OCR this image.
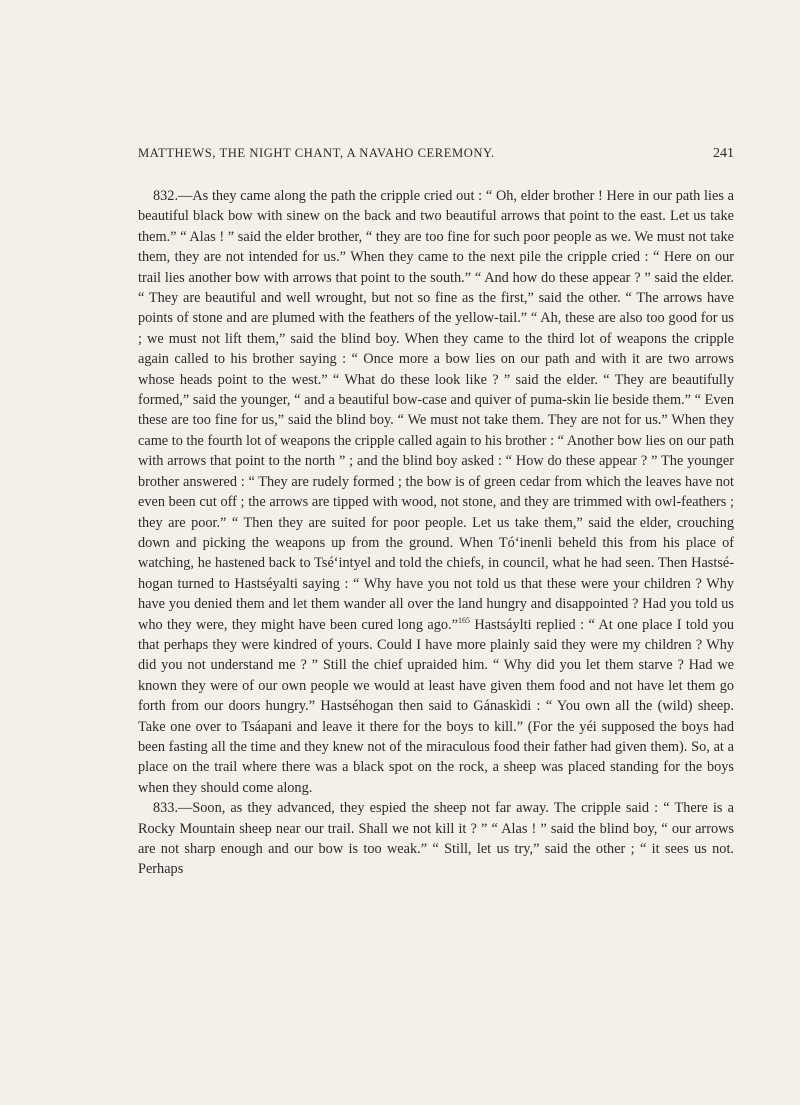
MATTHEWS, THE NIGHT CHANT, A NAVAHO CEREMONY.	241

832.—As they came along the path the cripple cried out : “ Oh, elder brother ! Here in our path lies a beautiful black bow with sinew on the back and two beautiful arrows that point to the east. Let us take them.” “ Alas ! ” said the elder brother, “ they are too fine for such poor people as we. We must not take them, they are not intended for us.” When they came to the next pile the cripple cried : “ Here on our trail lies another bow with arrows that point to the south.” “ And how do these appear ? ” said the elder. “ They are beautiful and well wrought, but not so fine as the first,” said the other. “ The arrows have points of stone and are plumed with the feathers of the yellow-tail.” “ Ah, these are also too good for us ; we must not lift them,” said the blind boy. When they came to the third lot of weapons the cripple again called to his brother saying : “ Once more a bow lies on our path and with it are two arrows whose heads point to the west.” “ What do these look like ? ” said the elder. “ They are beautifully formed,” said the younger, “ and a beautiful bow-case and quiver of puma-skin lie beside them.” “ Even these are too fine for us,” said the blind boy. “ We must not take them. They are not for us.” When they came to the fourth lot of weapons the cripple called again to his brother : “ Another bow lies on our path with arrows that point to the north ” ; and the blind boy asked : “ How do these appear ? ” The younger brother answered : “ They are rudely formed ; the bow is of green cedar from which the leaves have not even been cut off ; the arrows are tipped with wood, not stone, and they are trimmed with owl-feathers ; they are poor.” “ Then they are suited for poor people. Let us take them,” said the elder, crouching down and picking the weapons up from the ground. When Tóʻinenli beheld this from his place of watching, he hastened back to Tséʻintyel and told the chiefs, in council, what he had seen. Then Hastsé-hogan turned to Hastséyalti saying : “ Why have you not told us that these were your children ? Why have you denied them and let them wander all over the land hungry and disappointed ? Had you told us who they were, they might have been cured long ago.”$^{165}$ Hastsáylti replied : “ At one place I told you that perhaps they were kindred of yours. Could I have more plainly said they were my children ? Why did you not understand me ? ” Still the chief upraided him. “ Why did you let them starve ? Had we known they were of our own people we would at least have given them food and not have let them go forth from our doors hungry.” Hastséhogan then said to Gánaskìdi : “ You own all the (wild) sheep. Take one over to Tsáapani and leave it there for the boys to kill.” (For the yéi supposed the boys had been fasting all the time and they knew not of the miraculous food their father had given them). So, at a place on the trail where there was a black spot on the rock, a sheep was placed standing for the boys when they should come along.

833.—Soon, as they advanced, they espied the sheep not far away. The cripple said : “ There is a Rocky Mountain sheep near our trail. Shall we not kill it ? ” “ Alas ! ” said the blind boy, “ our arrows are not sharp enough and our bow is too weak.” “ Still, let us try,” said the other ; “ it sees us not. Perhaps
